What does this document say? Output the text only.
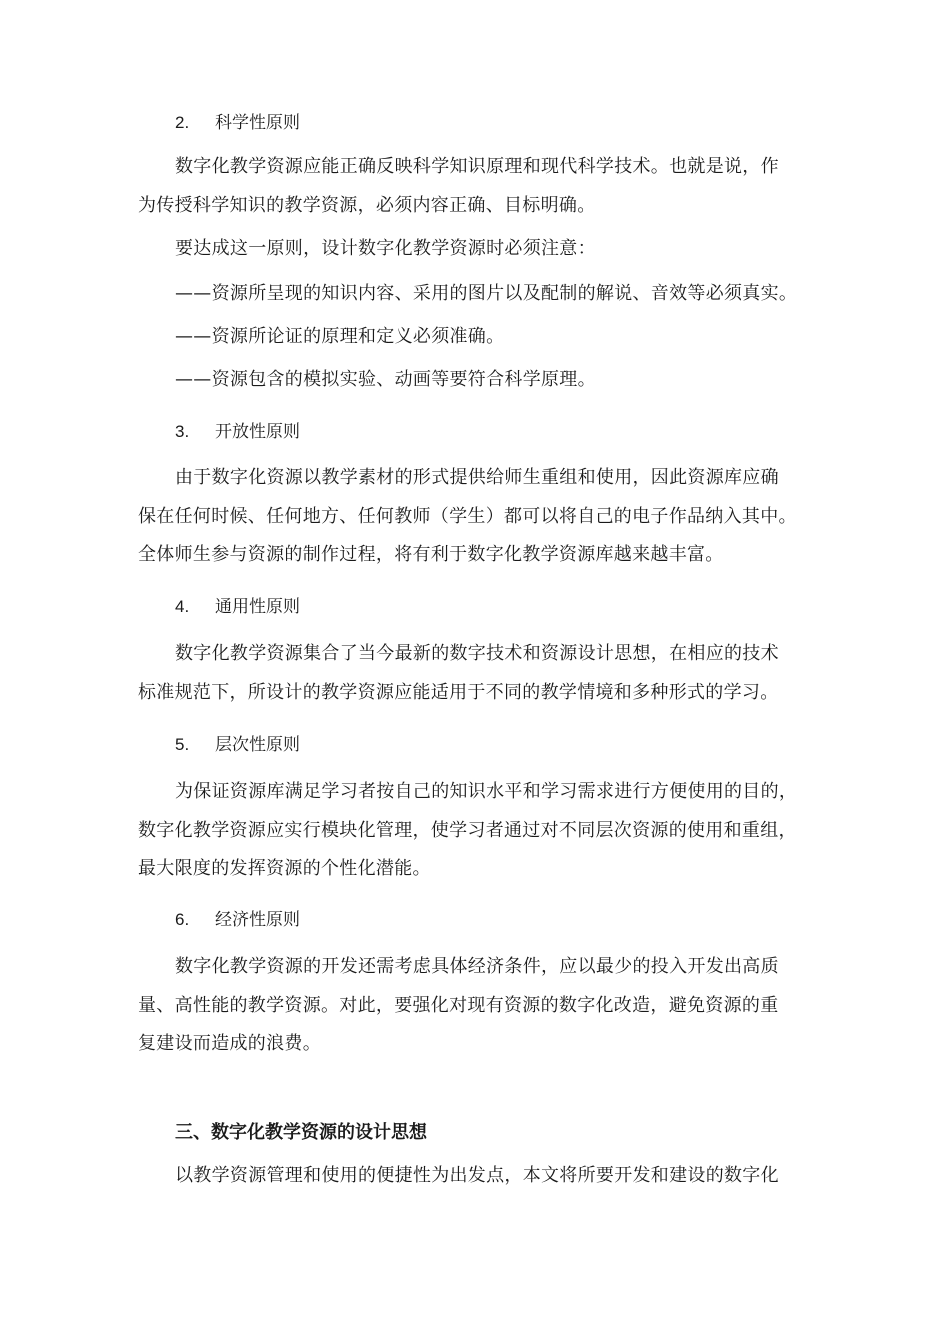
2. 科学性原则
数字化教学资源应能正确反映科学知识原理和现代科学技术。也就是说，作
为传授科学知识的教学资源，必须内容正确、目标明确。
要达成这一原则，设计数字化教学资源时必须注意：
——资源所呈现的知识内容、采用的图片以及配制的解说、音效等必须真实。
——资源所论证的原理和定义必须准确。
——资源包含的模拟实验、动画等要符合科学原理。
3. 开放性原则
由于数字化资源以教学素材的形式提供给师生重组和使用，因此资源库应确
保在任何时候、任何地方、任何教师（学生）都可以将自己的电子作品纳入其中。
全体师生参与资源的制作过程，将有利于数字化教学资源库越来越丰富。
4. 通用性原则
数字化教学资源集合了当今最新的数字技术和资源设计思想，在相应的技术
标准规范下，所设计的教学资源应能适用于不同的教学情境和多种形式的学习。
5. 层次性原则
为保证资源库满足学习者按自己的知识水平和学习需求进行方便使用的目的，
数字化教学资源应实行模块化管理，使学习者通过对不同层次资源的使用和重组，
最大限度的发挥资源的个性化潜能。
6. 经济性原则
数字化教学资源的开发还需考虑具体经济条件，应以最少的投入开发出高质
量、高性能的教学资源。对此，要强化对现有资源的数字化改造，避免资源的重
复建设而造成的浪费。
三、数字化教学资源的设计思想
以教学资源管理和使用的便捷性为出发点，本文将所要开发和建设的数字化
